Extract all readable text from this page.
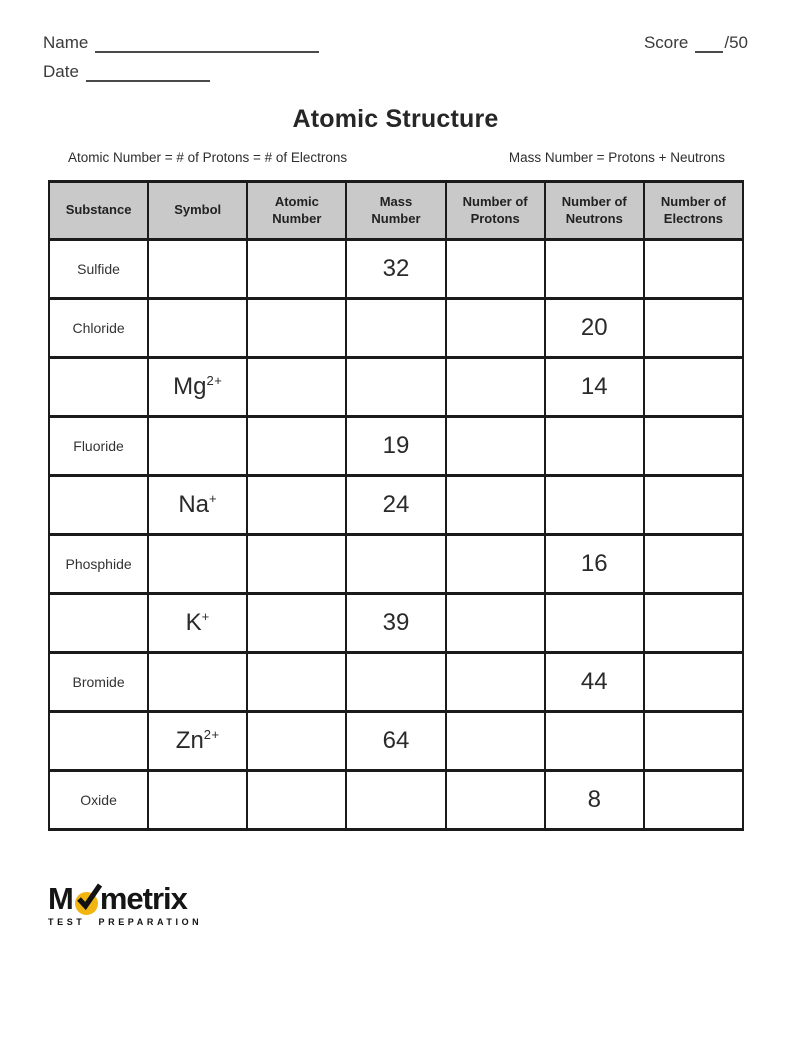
Name	Score /50
Date
Atomic Structure
Atomic Number = # of Protons = # of Electrons	Mass Number = Protons + Neutrons
Substance	Symbol	Atomic Number	Mass Number	Number of Protons	Number of Neutrons	Number of Electrons
Sulfide			32			
Chloride					20	
	$Mg^{2+}$				14	
Fluoride			19			
	Na+		24			
Phosphide					16	
	K+		39			
Bromide					44	
	$Zn^{2+}$		64			
Oxide					8	
M metrix
TEST PREPARATION
